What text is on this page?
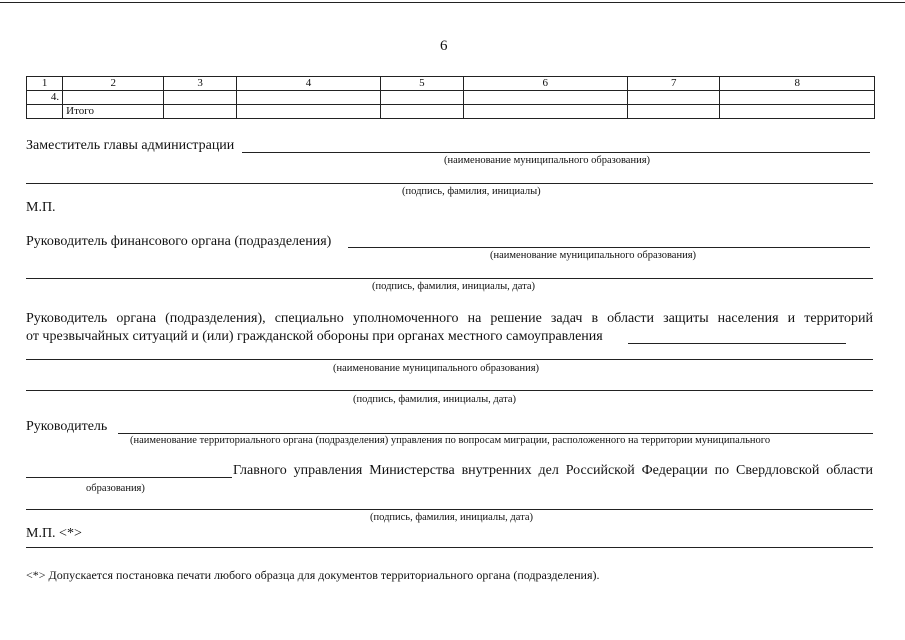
6
1	2	3	4	5	6	7	8
4.							
	Итого						
Заместитель главы администрации
(наименование муниципального образования)
(подпись, фамилия, инициалы)
М.П.
Руководитель финансового органа (подразделения)
(наименование муниципального образования)
(подпись, фамилия, инициалы, дата)
Руководитель органа (подразделения), специально уполномоченного на решение задач в области защиты населения и территорий
от чрезвычайных ситуаций и (или) гражданской обороны при органах местного самоуправления
(наименование муниципального образования)
(подпись, фамилия, инициалы, дата)
Руководитель
(наименование территориального органа (подразделения) управления по вопросам миграции, расположенного на территории муниципального
Главного управления Министерства внутренних дел Российской Федерации по Свердловской области
образования)
(подпись, фамилия, инициалы, дата)
М.П. <*>
<*> Допускается постановка печати любого образца для документов территориального органа (подразделения).
